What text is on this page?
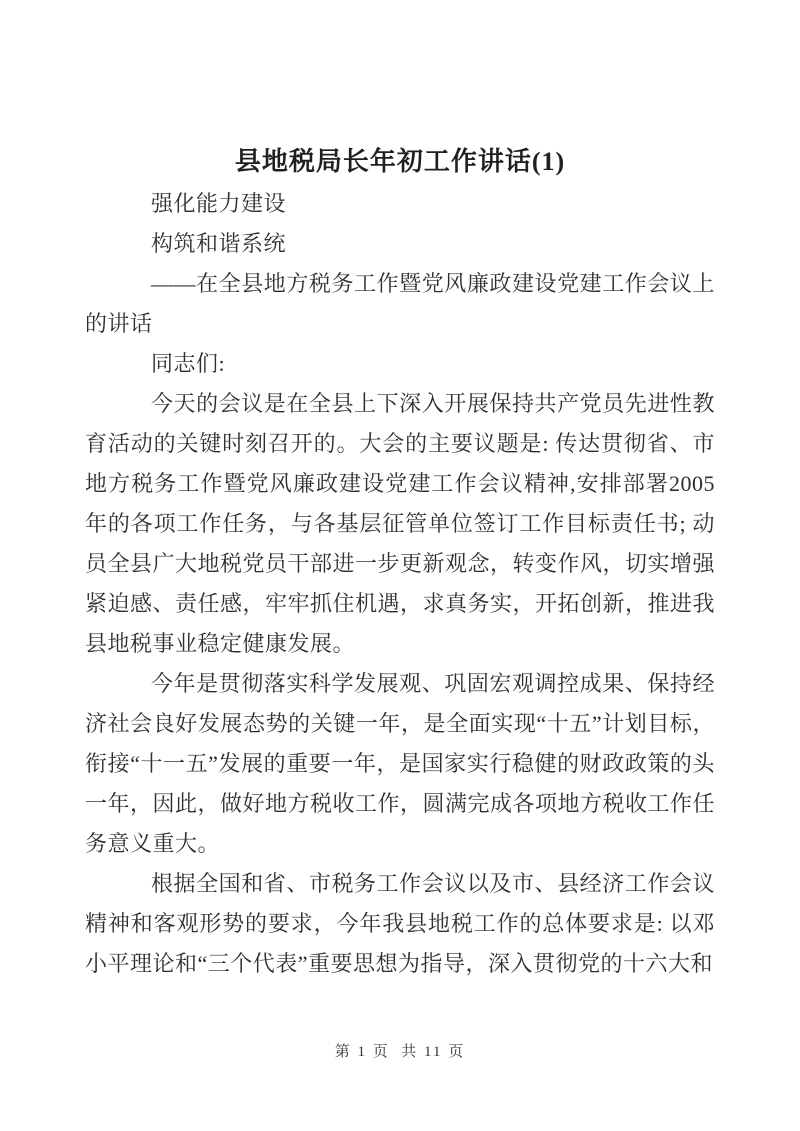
县地税局长年初工作讲话(1)

强化能力建设

构筑和谐系统

——在全县地方税务工作暨党风廉政建设党建工作会议上的讲话

同志们:

今天的会议是在全县上下深入开展保持共产党员先进性教育活动的关键时刻召开的。大会的主要议题是: 传达贯彻省、市地方税务工作暨党风廉政建设党建工作会议精神,安排部署2005年的各项工作任务，与各基层征管单位签订工作目标责任书; 动员全县广大地税党员干部进一步更新观念，转变作风，切实增强紧迫感、责任感，牢牢抓住机遇，求真务实，开拓创新，推进我县地税事业稳定健康发展。

今年是贯彻落实科学发展观、巩固宏观调控成果、保持经济社会良好发展态势的关键一年，是全面实现“十五”计划目标，衔接“十一五”发展的重要一年，是国家实行稳健的财政政策的头一年，因此，做好地方税收工作，圆满完成各项地方税收工作任务意义重大。

根据全国和省、市税务工作会议以及市、县经济工作会议精神和客观形势的要求，今年我县地税工作的总体要求是: 以邓小平理论和“三个代表”重要思想为指导，深入贯彻党的十六大和

第 1 页  共 11 页
